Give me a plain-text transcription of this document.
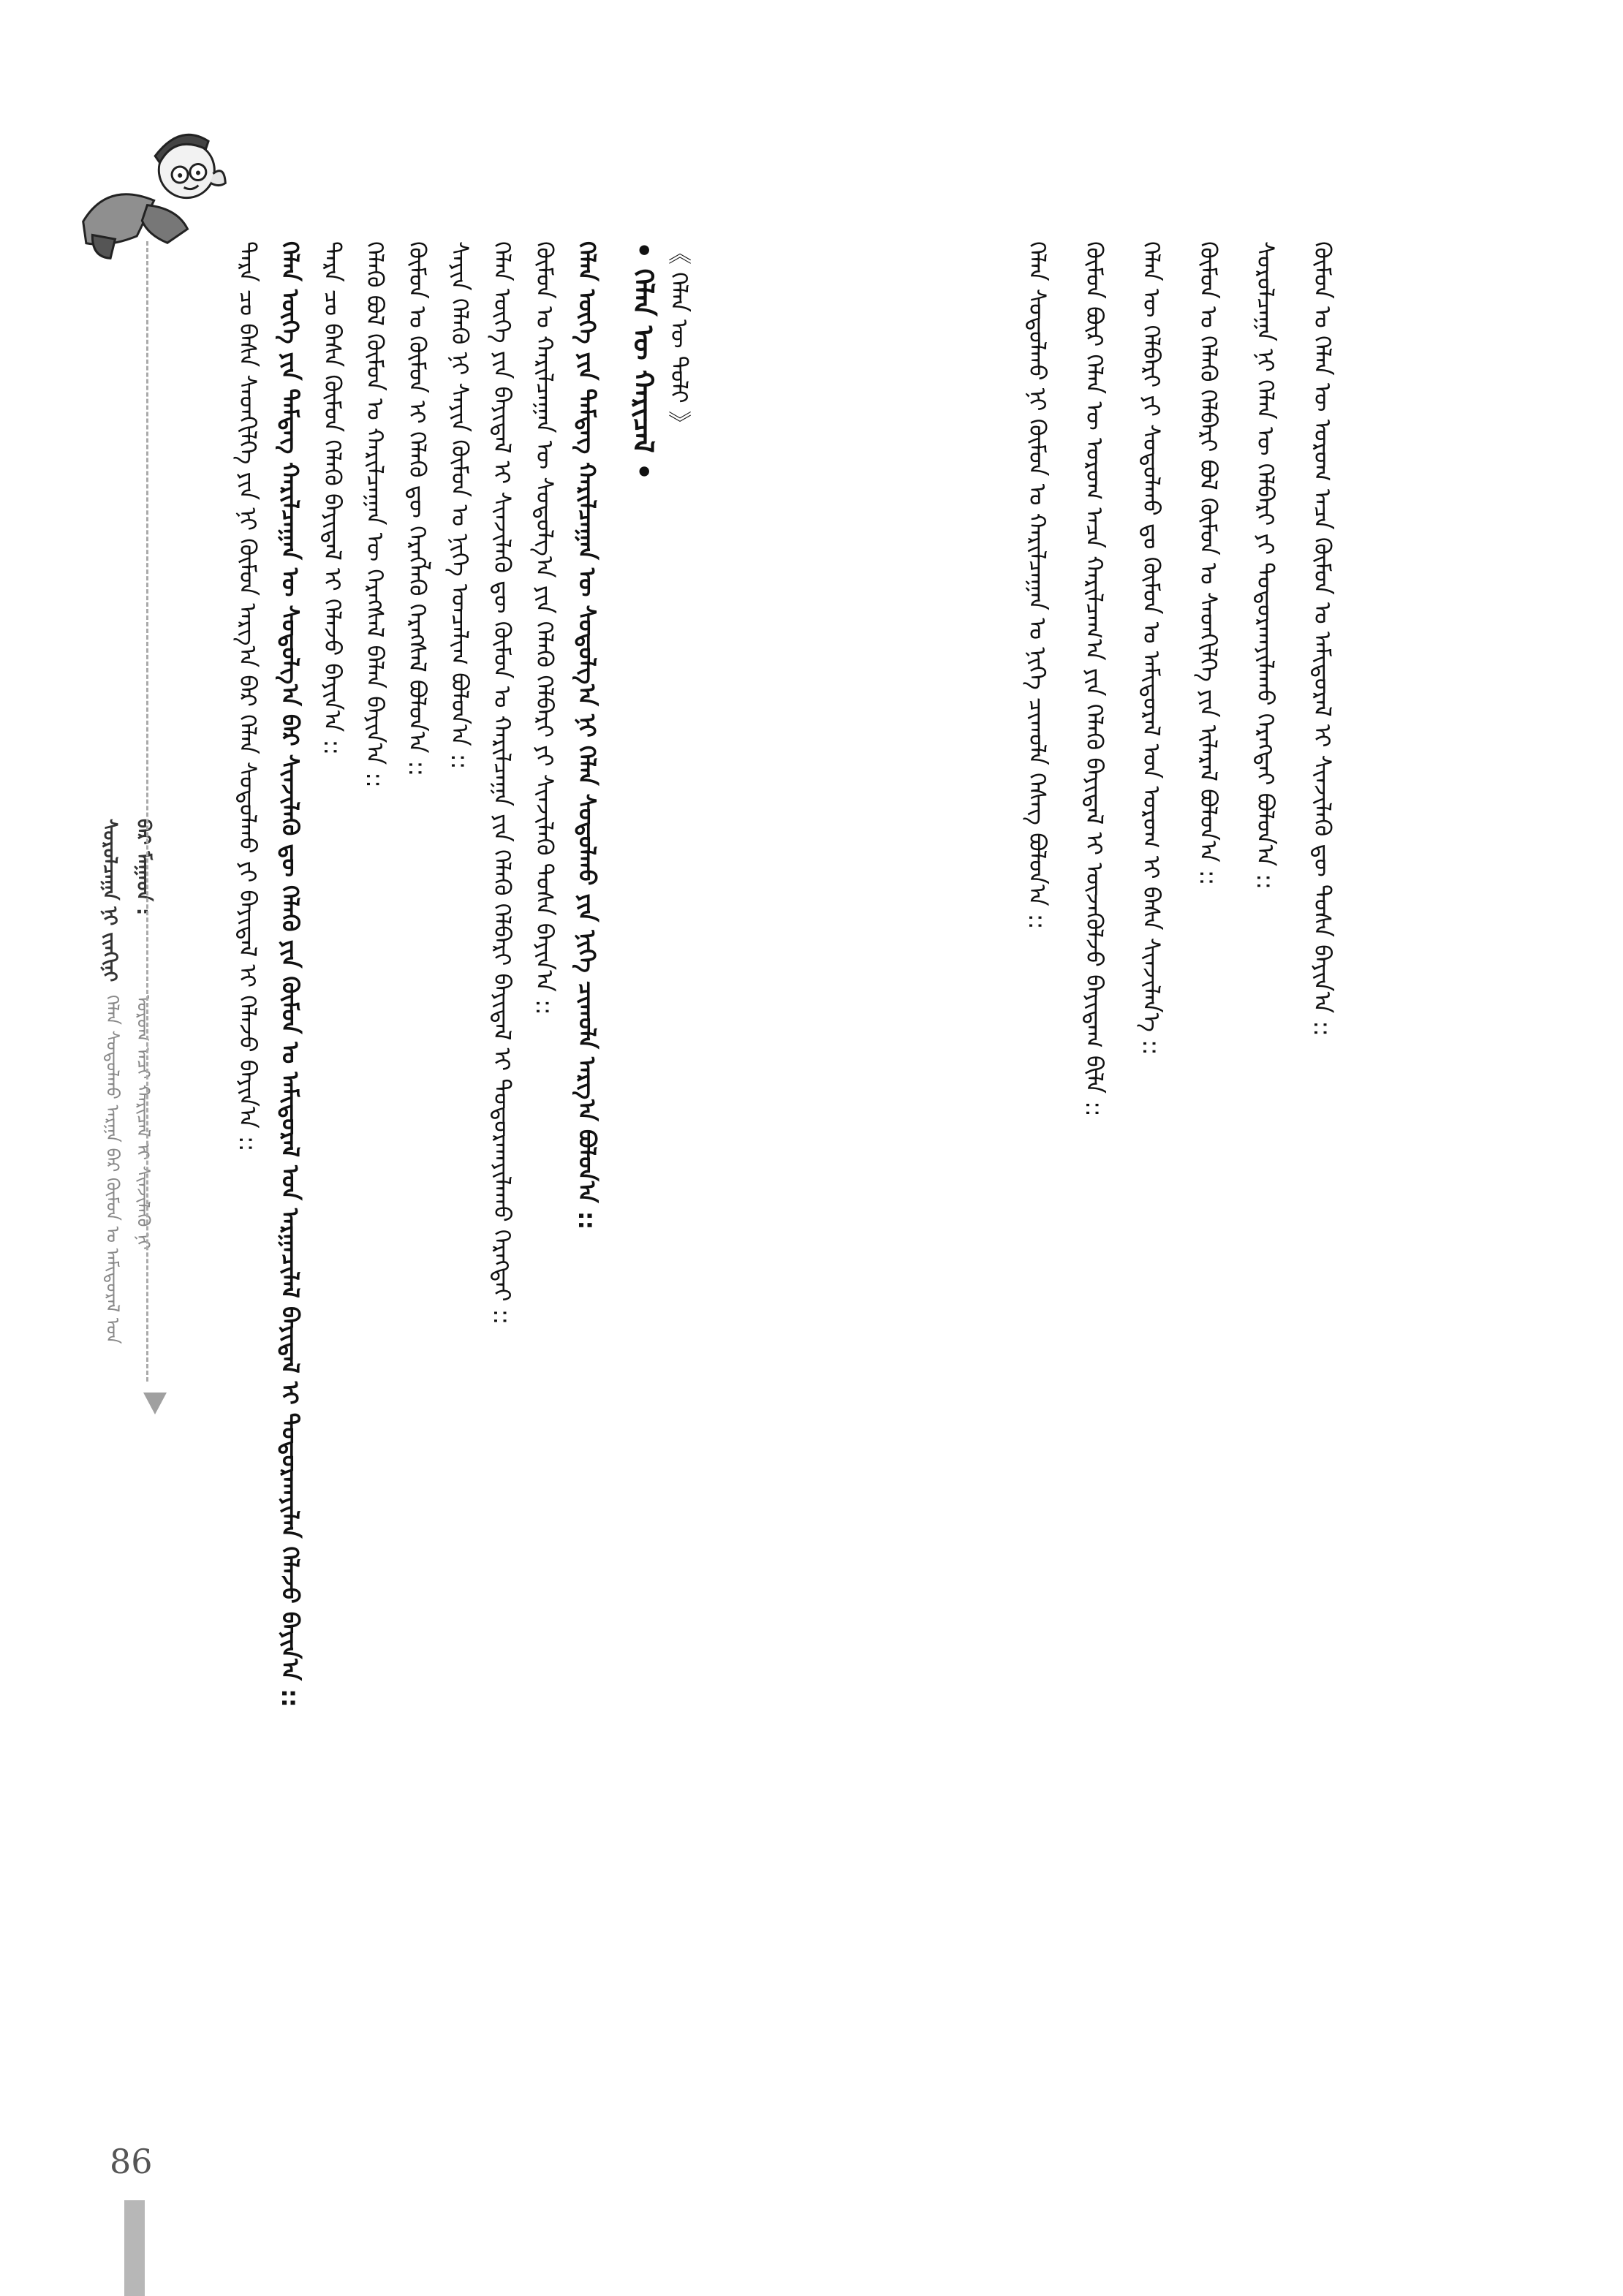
ᠰᠤᠷᠤᠯᠴᠠᠭᠠ ᠨᠢ ᠵᠢᠨᠬᠢᠨᠢ ᠪᠡᠷ ᠮᠠᠭᠠᠳ :
ᠬᠡᠯᠡᠨ ᠰᠤᠳᠤᠯᠬᠤ ᠠᠷᠭᠠ ᠪᠠᠷ ᠬᠦᠮᠦᠨ ᠤ ᠠᠮᠢᠳᠤᠷᠠᠯ ᠤᠨ ᠤᠷᠤᠭ ᠠᠴᠢ ᠬᠠᠷᠢᠴᠠᠯ ᠢ ᠰᠢᠨᠵᠢᠯᠡᠬᠦ ᠨᠢ	ᠲᠡᠷᠡ ᠴᠤ ᠪᠠᠰᠠ ᠰᠡᠳᠬᠢᠯᠭᠡ ᠶᠢᠨ ᠨᠢ ᠬᠦᠮᠦᠨ ᠠᠷᠭ᠎ᠠ ᠪᠠᠷ ᠬᠡᠯᠡᠨ ᠰᠤᠳᠤᠯᠬᠤ ᠶᠢ ᠪᠠᠶᠢᠳᠠᠯ ᠢ ᠬᠡᠯᠡᠵᠦ ᠪᠠᠶᠢᠨ᠎ᠠ :: ᠬᠡᠯᠡᠨ ᠦᠭᠡ ᠶᠢᠨ ᠲᠡᠮᠳᠡᠭ ᠬᠠᠷᠢᠯᠴᠠᠭᠠᠨ ᠦ ᠰᠤᠳᠤᠯᠭ᠎ᠠ ᠪᠠᠷ ᠰᠢᠨᠵᠢᠯᠡᠬᠦ ᠳᠦ ᠬᠡᠯᠡᠬᠦ ᠶᠢᠨ ᠬᠦᠮᠦᠨ ᠤ ᠠᠮᠢᠳᠤᠷᠠᠯ ᠤᠨ ᠠᠷᠭᠠᠴᠢᠯᠠᠯ ᠪᠠᠶᠢᠳᠠᠯ ᠢ ᠲᠤᠳᠤᠷᠬᠠᠶᠢᠯᠠᠨ ᠬᠡᠯᠡᠵᠦ ᠪᠠᠶᠢᠨ᠎ᠠ :: ᠲᠡᠷᠡ ᠴᠤ ᠪᠠᠰᠠ ᠬᠦᠮᠦᠨ ᠬᠡᠯᠡᠬᠦ ᠪᠠᠶᠢᠳᠠᠯ ᠢ ᠬᠡᠯᠡᠵᠦ ᠪᠠᠶᠢᠨ᠎ᠠ :: ᠬᠡᠯᠡᠬᠦ ᠪᠤᠯ ᠬᠦᠮᠦᠨ ᠤ ᠬᠠᠷᠢᠯᠴᠠᠭᠠᠨ ᠦ ᠬᠡᠷᠡᠭᠰᠡᠯ ᠪᠡᠯᠡᠨ ᠪᠠᠶᠢᠨ᠎ᠠ :: ᠬᠦᠮᠦᠨ ᠤ ᠬᠦᠮᠦᠨ ᠢ ᠬᠡᠯᠡᠬᠦ ᠳᠦ ᠬᠡᠷᠡᠭᠯᠡᠬᠦ ᠬᠡᠷᠡᠭᠰᠡᠯ ᠪᠤᠯᠤᠨ᠎ᠠ :: ᠰᠠᠶᠢᠨ ᠬᠡᠯᠡᠬᠦ ᠨᠢ ᠰᠠᠶᠢᠨ ᠬᠦᠮᠦᠨ ᠤ ᠨᠢᠭᠡ ᠤᠨᠴᠠᠯᠢᠭ ᠪᠤᠯᠤᠨ᠎ᠠ :: ᠬᠡᠯᠡᠨ ᠦᠭᠡ ᠶᠢᠨ ᠪᠠᠶᠢᠳᠠᠯ ᠢ ᠰᠢᠨᠵᠢᠯᠡᠬᠦ ᠳᠦ ᠬᠦᠮᠦᠨ ᠤ ᠬᠠᠷᠢᠯᠴᠠᠭᠠ ᠶᠢᠨ ᠬᠡᠯᠡᠬᠦ ᠬᠡᠯᠪᠡᠷᠢ ᠪᠠᠶᠢᠳᠠᠯ ᠢ ᠲᠤᠳᠤᠷᠬᠠᠶᠢᠯᠠᠬᠤ ᠬᠡᠷᠡᠭᠲᠡᠶ :: ᠬᠦᠮᠦᠨ ᠤ ᠬᠠᠷᠢᠯᠴᠠᠭᠠᠨ ᠦ ᠰᠤᠳᠤᠯᠭ᠎ᠠ ᠶᠢᠨ ᠬᠡᠯᠡᠬᠦ ᠬᠡᠯᠪᠡᠷᠢ ᠶᠢ ᠰᠢᠨᠵᠢᠯᠡᠬᠦ ᠲᠤᠰᠠ ᠪᠠᠶᠢᠨ᠎ᠠ :: ᠬᠡᠯᠡᠨ ᠦᠭᠡ ᠶᠢᠨ ᠲᠡᠮᠳᠡᠭ ᠬᠠᠷᠢᠯᠴᠠᠭᠠᠨ ᠦ ᠰᠤᠳᠤᠯᠭ᠎ᠠ ᠨᠢ ᠬᠡᠯᠡᠨ ᠰᠤᠳᠤᠯᠬᠤ ᠶᠢᠨ ᠨᠢᠭᠡ ᠴᠢᠬᠤᠯᠠ ᠠᠷᠭ᠎ᠠ ᠪᠤᠯᠤᠨ᠎ᠠ ::	《 ᠬᠡᠯᠡᠨ ᠦ ᠲᠤᠯᠢ 》
• ᠬᠡᠯᠡᠨ ᠦ ᠬᠠᠷᠢᠴᠠᠯ •	ᠬᠡᠯᠡᠨ ᠰᠤᠳᠤᠯᠬᠤ ᠨᠢ ᠬᠦᠮᠦᠨ ᠤ ᠬᠠᠷᠢᠯᠴᠠᠭᠠᠨ ᠤ ᠨᠢᠭᠡ ᠴᠢᠬᠤᠯᠠ ᠬᠡᠰᠡᠭ ᠪᠤᠯᠤᠨ᠎ᠠ ::	ᠬᠦᠮᠦᠨ ᠪᠦᠷ ᠬᠡᠯᠡᠨ ᠦ ᠤᠷᠤᠭ ᠠᠴᠠ ᠬᠠᠷᠢᠯᠴᠠᠭ᠎ᠠ ᠶᠢᠨ ᠬᠡᠯᠡᠬᠦ ᠪᠠᠶᠢᠳᠠᠯ ᠢ ᠦᠵᠡᠭᠦᠯᠵᠦ ᠪᠠᠶᠢᠳᠠᠭ ᠪᠢᠯᠡ ::	ᠬᠡᠯᠡᠨ ᠦ ᠬᠡᠯᠪᠡᠷᠢ ᠶᠢ ᠰᠤᠳᠤᠯᠬᠤ ᠳᠤ ᠬᠦᠮᠦᠨ ᠤ ᠠᠮᠢᠳᠤᠷᠠᠯ ᠤᠨ ᠤᠷᠤᠭ ᠢ ᠪᠠᠰᠠ ᠰᠢᠨᠵᠢᠯᠡᠨ᠎ᠡ ::	ᠬᠦᠮᠦᠨ ᠤ ᠬᠡᠯᠡᠬᠦ ᠬᠡᠯᠪᠡᠷᠢ ᠪᠤᠯ ᠬᠦᠮᠦᠨ ᠤ ᠰᠡᠳᠬᠢᠯᠭᠡ ᠶᠢᠨ ᠢᠯᠡᠷᠡᠯ ᠪᠤᠯᠤᠨ᠎ᠠ ::	ᠰᠤᠷᠤᠯᠴᠠᠭᠠ ᠨᠢ ᠬᠡᠯᠡᠨ ᠦ ᠬᠡᠯᠪᠡᠷᠢ ᠶᠢ ᠲᠤᠳᠤᠷᠬᠠᠶᠢᠯᠠᠬᠤ ᠬᠡᠷᠡᠭᠲᠡᠶ ᠪᠤᠯᠤᠨ᠎ᠠ ::	ᠬᠦᠮᠦᠨ ᠤ ᠬᠡᠯᠡᠨ ᠦ ᠤᠷᠤᠭ ᠠᠴᠠ ᠬᠦᠮᠦᠨ ᠤ ᠠᠮᠢᠳᠤᠷᠠᠯ ᠢ ᠰᠢᠨᠵᠢᠯᠡᠬᠦ ᠳᠦ ᠲᠤᠰᠠ ᠪᠠᠶᠢᠨ᠎ᠠ ::
86
